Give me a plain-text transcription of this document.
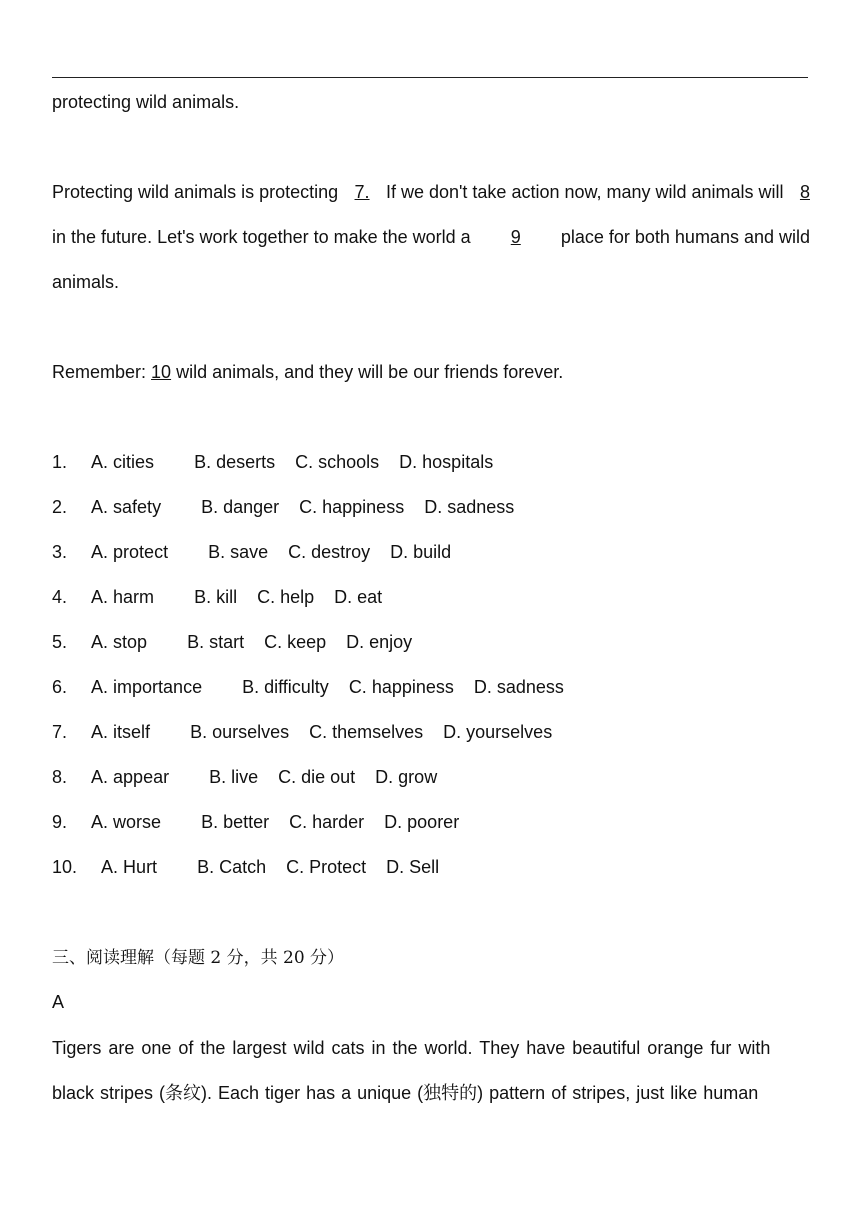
protecting wild animals.
Protecting wild animals is protecting 7. If we don't take action now, many wild animals will 8
in the future. Let's work together to make the world a 9 place for both humans and wild
animals.
Remember: 10 wild animals, and they will be our friends forever.
1. A. cities B. deserts C. schools D. hospitals
2. A. safety B. danger C. happiness D. sadness
3. A. protect B. save C. destroy D. build
4. A. harm B. kill C. help D. eat
5. A. stop B. start C. keep D. enjoy
6. A. importance B. difficulty C. happiness D. sadness
7. A. itself B. ourselves C. themselves D. yourselves
8. A. appear B. live C. die out D. grow
9. A. worse B. better C. harder D. poorer
10. A. Hurt B. Catch C. Protect D. Sell
三、阅读理解（每题 2 分，共 20 分）
A
Tigers are one of the largest wild cats in the world. They have beautiful orange fur with
black stripes (条纹). Each tiger has a unique (独特的) pattern of stripes, just like human
